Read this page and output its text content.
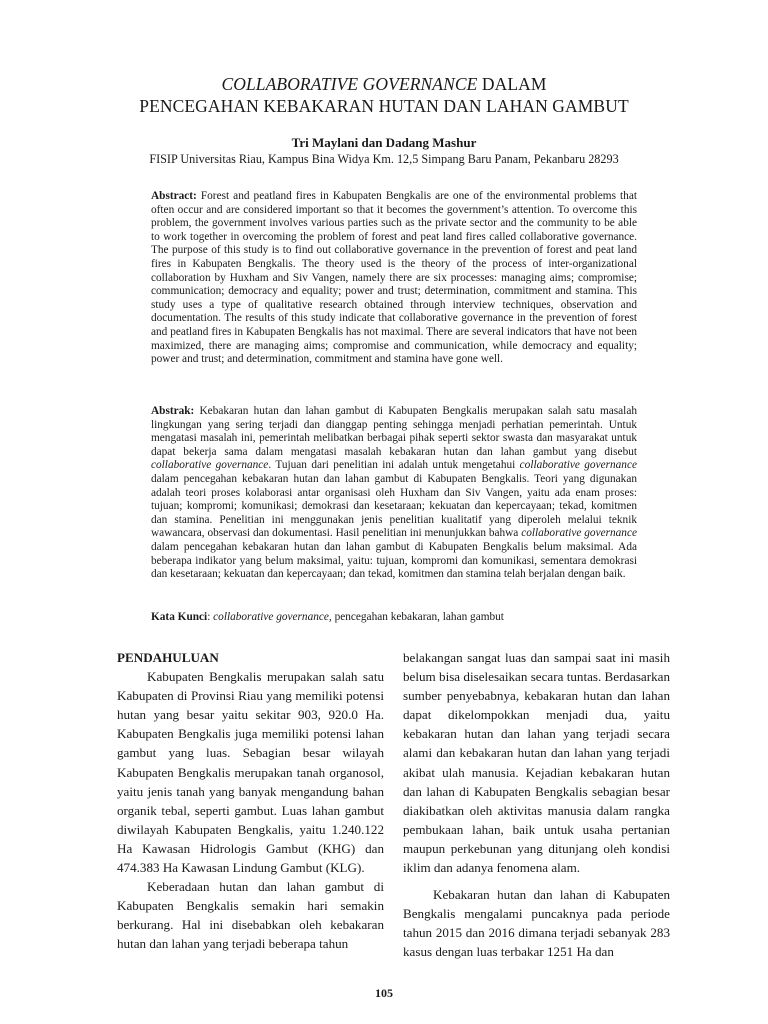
COLLABORATIVE GOVERNANCE DALAM
PENCEGAHAN KEBAKARAN HUTAN DAN LAHAN GAMBUT
Tri Maylani dan Dadang Mashur
FISIP Universitas Riau, Kampus Bina Widya Km. 12,5 Simpang Baru Panam, Pekanbaru 28293
Abstract: Forest and peatland fires in Kabupaten Bengkalis are one of the environmental problems that often occur and are considered important so that it becomes the government’s attention. To overcome this problem, the government involves various parties such as the private sector and the community to be able to work together in overcoming the problem of forest and peat land fires called collaborative governance. The purpose of this study is to find out collaborative governance in the prevention of forest and peat land fires in Kabupaten Bengkalis. The theory used is the theory of the process of inter-organizational collaboration by Huxham and Siv Vangen, namely there are six processes: managing aims; compromise; communication; democracy and equality; power and trust; determination, commitment and stamina. This study uses a type of qualitative research obtained through interview techniques, observation and documentation. The results of this study indicate that collaborative governance in the prevention of forest and peatland fires in Kabupaten Bengkalis has not maximal. There are several indicators that have not been maximized, there are managing aims; compromise and communication, while democracy and equality; power and trust; and determination, commitment and stamina have gone well.
Abstrak: Kebakaran hutan dan lahan gambut di Kabupaten Bengkalis merupakan salah satu masalah lingkungan yang sering terjadi dan dianggap penting sehingga menjadi perhatian pemerintah. Untuk mengatasi masalah ini, pemerintah melibatkan berbagai pihak seperti sektor swasta dan masyarakat untuk dapat bekerja sama dalam mengatasi masalah kebakaran hutan dan lahan gambut yang disebut collaborative governance. Tujuan dari penelitian ini adalah untuk mengetahui collaborative governance dalam pencegahan kebakaran hutan dan lahan gambut di Kabupaten Bengkalis. Teori yang digunakan adalah teori proses kolaborasi antar organisasi oleh Huxham dan Siv Vangen, yaitu ada enam proses: tujuan; kompromi; komunikasi; demokrasi dan kesetaraan; kekuatan dan kepercayaan; tekad, komitmen dan stamina. Penelitian ini menggunakan jenis penelitian kualitatif yang diperoleh melalui teknik wawancara, observasi dan dokumentasi. Hasil penelitian ini menunjukkan bahwa collaborative governance dalam pencegahan kebakaran hutan dan lahan gambut di Kabupaten Bengkalis belum maksimal. Ada beberapa indikator yang belum maksimal, yaitu: tujuan, kompromi dan komunikasi, sementara demokrasi dan kesetaraan; kekuatan dan kepercayaan; dan tekad, komitmen dan stamina telah berjalan dengan baik.
Kata Kunci: collaborative governance, pencegahan kebakaran, lahan gambut

PENDAHULUAN

Kabupaten Bengkalis merupakan salah satu Kabupaten di Provinsi Riau yang memiliki potensi hutan yang besar yaitu sekitar 903, 920.0 Ha. Kabupaten Bengkalis juga memiliki potensi lahan gambut yang luas. Sebagian besar wilayah Kabupaten Bengkalis merupakan tanah organosol, yaitu jenis tanah yang banyak mengandung bahan organik tebal, seperti gambut. Luas lahan gambut diwilayah Kabupaten Bengkalis, yaitu 1.240.122 Ha Kawasan Hidrologis Gambut (KHG) dan 474.383 Ha Kawasan Lindung Gambut (KLG).

Keberadaan hutan dan lahan gambut di Kabupaten Bengkalis semakin hari semakin berkurang. Hal ini disebabkan oleh kebakaran hutan dan lahan yang terjadi beberapa tahun

belakangan sangat luas dan sampai saat ini masih belum bisa diselesaikan secara tuntas. Berdasarkan sumber penyebabnya, kebakaran hutan dan lahan dapat dikelompokkan menjadi dua, yaitu kebakaran hutan dan lahan yang terjadi secara alami dan kebakaran hutan dan lahan yang terjadi akibat ulah manusia. Kejadian kebakaran hutan dan lahan di Kabupaten Bengkalis sebagian besar diakibatkan oleh aktivitas manusia dalam rangka pembukaan lahan, baik untuk usaha pertanian maupun perkebunan yang ditunjang oleh kondisi iklim dan adanya fenomena alam.

Kebakaran hutan dan lahan di Kabupaten Bengkalis mengalami puncaknya pada periode tahun 2015 dan 2016 dimana terjadi sebanyak 283 kasus dengan luas terbakar 1251 Ha dan

105
